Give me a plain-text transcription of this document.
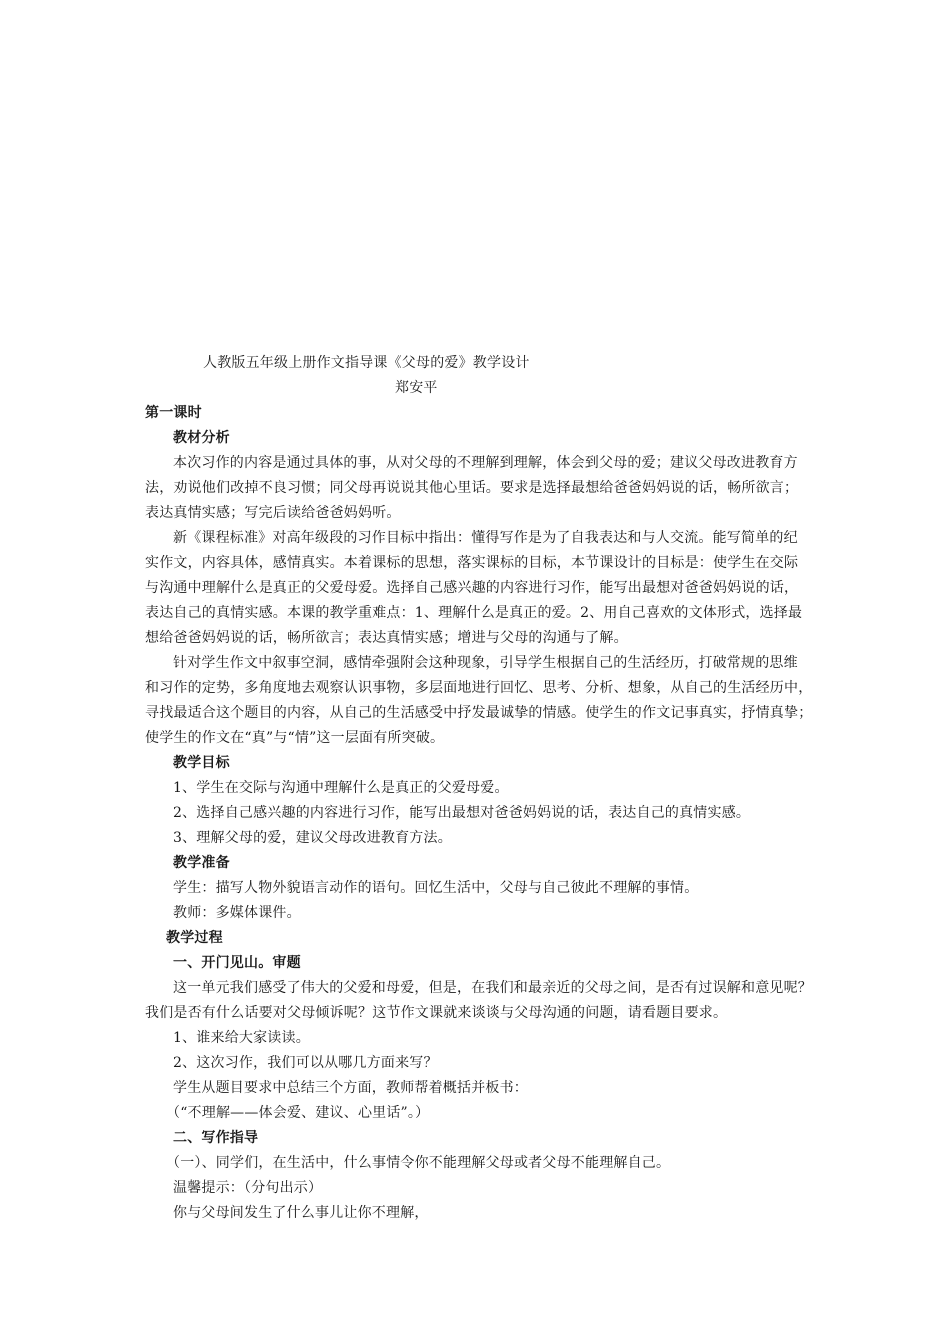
人教版五年级上册作文指导课《父母的爱》教学设计
郑安平
第一课时
教材分析
本次习作的内容是通过具体的事，从对父母的不理解到理解，体会到父母的爱；建议父母改进教育方
法，劝说他们改掉不良习惯；同父母再说说其他心里话。要求是选择最想给爸爸妈妈说的话，畅所欲言；
表达真情实感；写完后读给爸爸妈妈听。
新《课程标准》对高年级段的习作目标中指出：懂得写作是为了自我表达和与人交流。能写简单的纪
实作文，内容具体，感情真实。本着课标的思想，落实课标的目标，本节课设计的目标是：使学生在交际
与沟通中理解什么是真正的父爱母爱。选择自己感兴趣的内容进行习作，能写出最想对爸爸妈妈说的话，
表达自己的真情实感。本课的教学重难点：1、理解什么是真正的爱。2、用自己喜欢的文体形式，选择最
想给爸爸妈妈说的话，畅所欲言；表达真情实感；增进与父母的沟通与了解。
针对学生作文中叙事空洞，感情牵强附会这种现象，引导学生根据自己的生活经历，打破常规的思维
和习作的定势，多角度地去观察认识事物，多层面地进行回忆、思考、分析、想象，从自己的生活经历中，
寻找最适合这个题目的内容，从自己的生活感受中抒发最诚挚的情感。使学生的作文记事真实，抒情真挚；
使学生的作文在“真”与“情”这一层面有所突破。
教学目标
1、学生在交际与沟通中理解什么是真正的父爱母爱。
2、选择自己感兴趣的内容进行习作，能写出最想对爸爸妈妈说的话，表达自己的真情实感。
3、理解父母的爱，建议父母改进教育方法。
教学准备
学生：描写人物外貌语言动作的语句。回忆生活中，父母与自己彼此不理解的事情。
教师：多媒体课件。
教学过程
一、开门见山。审题
这一单元我们感受了伟大的父爱和母爱，但是，在我们和最亲近的父母之间，是否有过误解和意见呢？
我们是否有什么话要对父母倾诉呢？这节作文课就来谈谈与父母沟通的问题，请看题目要求。
1、谁来给大家读读。
2、这次习作，我们可以从哪几方面来写？
学生从题目要求中总结三个方面，教师帮着概括并板书：
（“不理解——体会爱、建议、心里话”。）
二、写作指导
（一）、同学们，在生活中，什么事情令你不能理解父母或者父母不能理解自己。
温馨提示：（分句出示）
你与父母间发生了什么事儿让你不理解，
